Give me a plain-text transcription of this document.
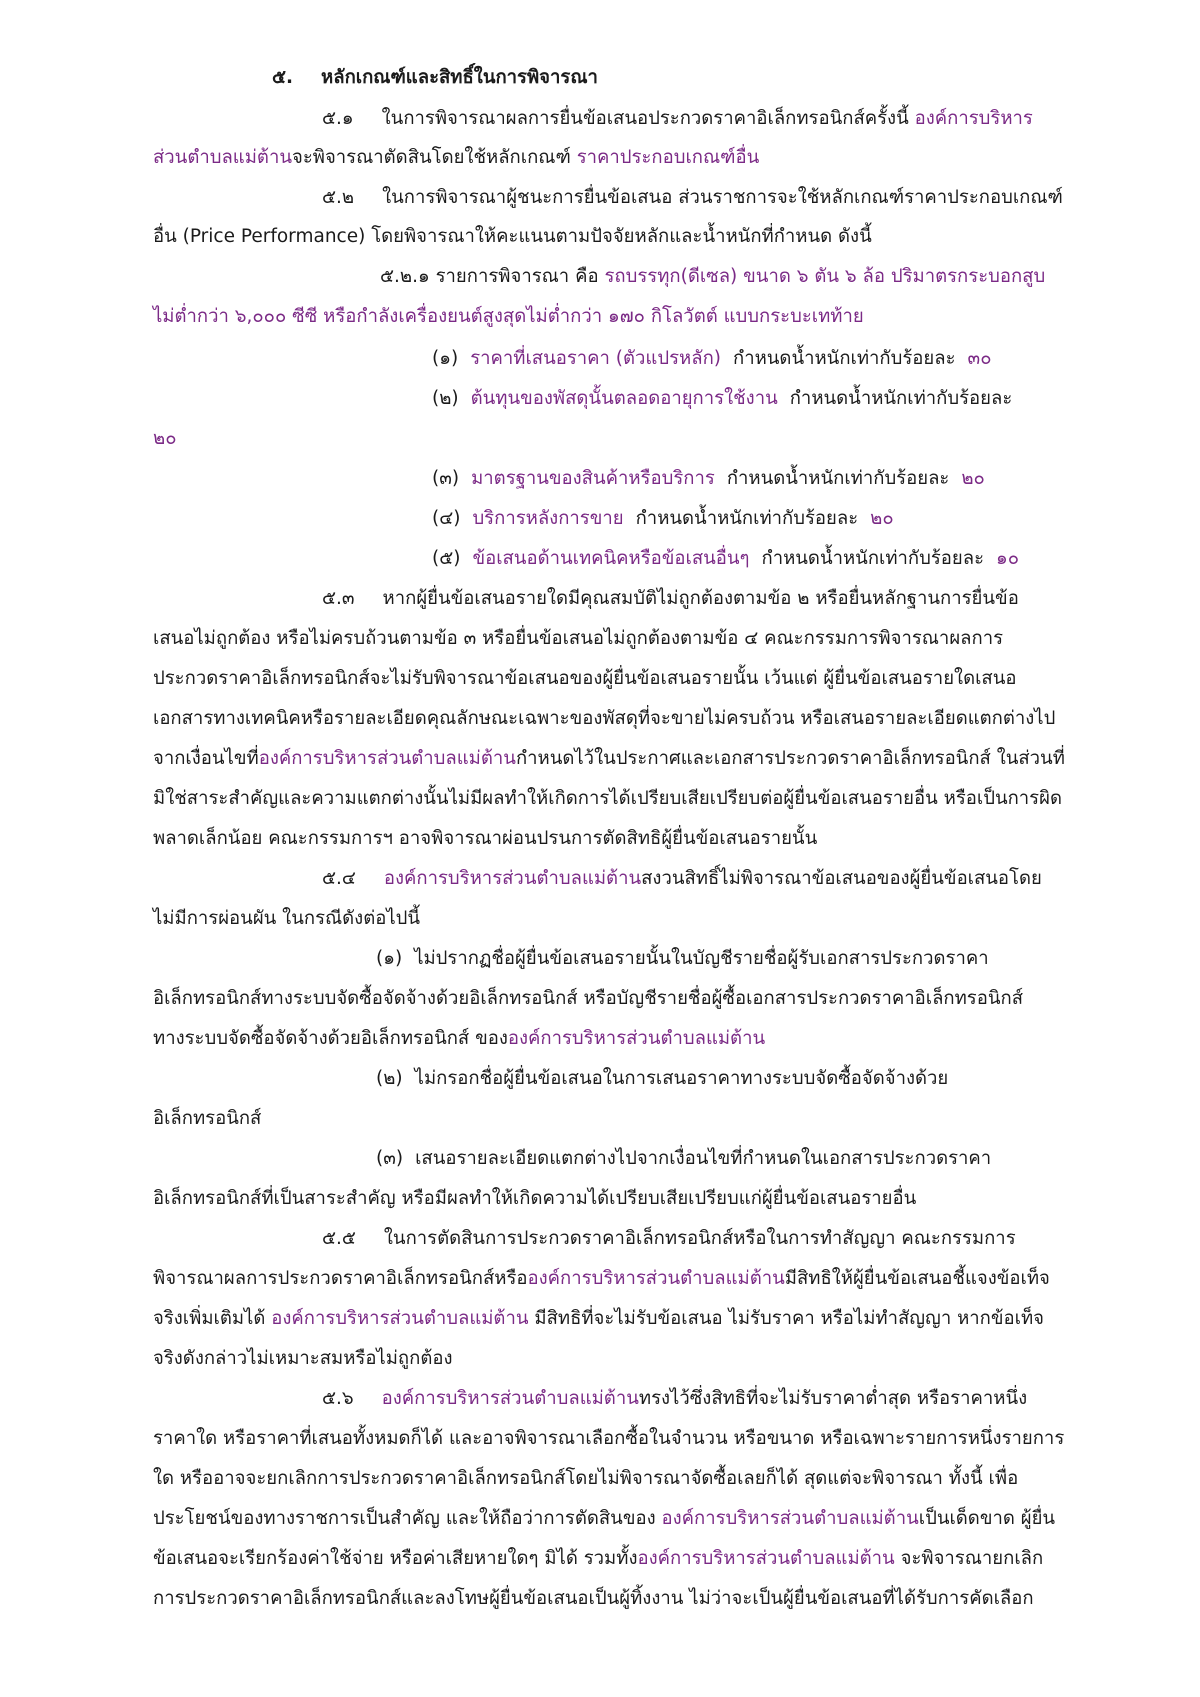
๕. หลักเกณฑ์และสิทธิ์ในการพิจารณา
๕.๑ ในการพิจารณาผลการยื่นข้อเสนอประกวดราคาอิเล็กทรอนิกส์ครั้งนี้ องค์การบริหาร
ส่วนตำบลแม่ต้านจะพิจารณาตัดสินโดยใช้หลักเกณฑ์ ราคาประกอบเกณฑ์อื่น
๕.๒ ในการพิจารณาผู้ชนะการยื่นข้อเสนอ ส่วนราชการจะใช้หลักเกณฑ์ราคาประกอบเกณฑ์
อื่น (Price Performance) โดยพิจารณาให้คะแนนตามปัจจัยหลักและน้ำหนักที่กำหนด ดังนี้
๕.๒.๑ รายการพิจารณา คือ รถบรรทุก(ดีเซล) ขนาด ๖ ตัน ๖ ล้อ ปริมาตรกระบอกสูบ
ไม่ต่ำกว่า ๖,๐๐๐ ซีซี หรือกำลังเครื่องยนต์สูงสุดไม่ต่ำกว่า ๑๗๐ กิโลวัตต์ แบบกระบะเทท้าย
(๑) ราคาที่เสนอราคา (ตัวแปรหลัก) กำหนดน้ำหนักเท่ากับร้อยละ ๓๐
(๒) ต้นทุนของพัสดุนั้นตลอดอายุการใช้งาน กำหนดน้ำหนักเท่ากับร้อยละ
๒๐
(๓) มาตรฐานของสินค้าหรือบริการ กำหนดน้ำหนักเท่ากับร้อยละ ๒๐
(๔) บริการหลังการขาย กำหนดน้ำหนักเท่ากับร้อยละ ๒๐
(๕) ข้อเสนอด้านเทคนิคหรือข้อเสนอื่นๆ กำหนดน้ำหนักเท่ากับร้อยละ ๑๐
๕.๓ หากผู้ยื่นข้อเสนอรายใดมีคุณสมบัติไม่ถูกต้องตามข้อ ๒ หรือยื่นหลักฐานการยื่นข้อ
เสนอไม่ถูกต้อง หรือไม่ครบถ้วนตามข้อ ๓ หรือยื่นข้อเสนอไม่ถูกต้องตามข้อ ๔ คณะกรรมการพิจารณาผลการ
ประกวดราคาอิเล็กทรอนิกส์จะไม่รับพิจารณาข้อเสนอของผู้ยื่นข้อเสนอรายนั้น เว้นแต่ ผู้ยื่นข้อเสนอรายใดเสนอ
เอกสารทางเทคนิคหรือรายละเอียดคุณลักษณะเฉพาะของพัสดุที่จะขายไม่ครบถ้วน หรือเสนอรายละเอียดแตกต่างไป
จากเงื่อนไขที่องค์การบริหารส่วนตำบลแม่ต้านกำหนดไว้ในประกาศและเอกสารประกวดราคาอิเล็กทรอนิกส์ ในส่วนที่
มิใช่สาระสำคัญและความแตกต่างนั้นไม่มีผลทำให้เกิดการได้เปรียบเสียเปรียบต่อผู้ยื่นข้อเสนอรายอื่น หรือเป็นการผิด
พลาดเล็กน้อย คณะกรรมการฯ อาจพิจารณาผ่อนปรนการตัดสิทธิผู้ยื่นข้อเสนอรายนั้น
๕.๔ องค์การบริหารส่วนตำบลแม่ต้านสงวนสิทธิ์ไม่พิจารณาข้อเสนอของผู้ยื่นข้อเสนอโดย
ไม่มีการผ่อนผัน ในกรณีดังต่อไปนี้
(๑) ไม่ปรากฏชื่อผู้ยื่นข้อเสนอรายนั้นในบัญชีรายชื่อผู้รับเอกสารประกวดราคา
อิเล็กทรอนิกส์ทางระบบจัดซื้อจัดจ้างด้วยอิเล็กทรอนิกส์ หรือบัญชีรายชื่อผู้ซื้อเอกสารประกวดราคาอิเล็กทรอนิกส์
ทางระบบจัดซื้อจัดจ้างด้วยอิเล็กทรอนิกส์ ขององค์การบริหารส่วนตำบลแม่ต้าน
(๒) ไม่กรอกชื่อผู้ยื่นข้อเสนอในการเสนอราคาทางระบบจัดซื้อจัดจ้างด้วย
อิเล็กทรอนิกส์
(๓) เสนอรายละเอียดแตกต่างไปจากเงื่อนไขที่กำหนดในเอกสารประกวดราคา
อิเล็กทรอนิกส์ที่เป็นสาระสำคัญ หรือมีผลทำให้เกิดความได้เปรียบเสียเปรียบแก่ผู้ยื่นข้อเสนอรายอื่น
๕.๕ ในการตัดสินการประกวดราคาอิเล็กทรอนิกส์หรือในการทำสัญญา คณะกรรมการ
พิจารณาผลการประกวดราคาอิเล็กทรอนิกส์หรือองค์การบริหารส่วนตำบลแม่ต้านมีสิทธิให้ผู้ยื่นข้อเสนอชี้แจงข้อเท็จ
จริงเพิ่มเติมได้ องค์การบริหารส่วนตำบลแม่ต้าน มีสิทธิที่จะไม่รับข้อเสนอ ไม่รับราคา หรือไม่ทำสัญญา หากข้อเท็จ
จริงดังกล่าวไม่เหมาะสมหรือไม่ถูกต้อง
๕.๖ องค์การบริหารส่วนตำบลแม่ต้านทรงไว้ซึ่งสิทธิที่จะไม่รับราคาต่ำสุด หรือราคาหนึ่ง
ราคาใด หรือราคาที่เสนอทั้งหมดก็ได้ และอาจพิจารณาเลือกซื้อในจำนวน หรือขนาด หรือเฉพาะรายการหนึ่งรายการ
ใด หรืออาจจะยกเลิกการประกวดราคาอิเล็กทรอนิกส์โดยไม่พิจารณาจัดซื้อเลยก็ได้ สุดแต่จะพิจารณา ทั้งนี้ เพื่อ
ประโยชน์ของทางราชการเป็นสำคัญ และให้ถือว่าการตัดสินของ องค์การบริหารส่วนตำบลแม่ต้านเป็นเด็ดขาด ผู้ยื่น
ข้อเสนอจะเรียกร้องค่าใช้จ่าย หรือค่าเสียหายใดๆ มิได้ รวมทั้งองค์การบริหารส่วนตำบลแม่ต้าน จะพิจารณายกเลิก
การประกวดราคาอิเล็กทรอนิกส์และลงโทษผู้ยื่นข้อเสนอเป็นผู้ทิ้งงาน ไม่ว่าจะเป็นผู้ยื่นข้อเสนอที่ได้รับการคัดเลือก
